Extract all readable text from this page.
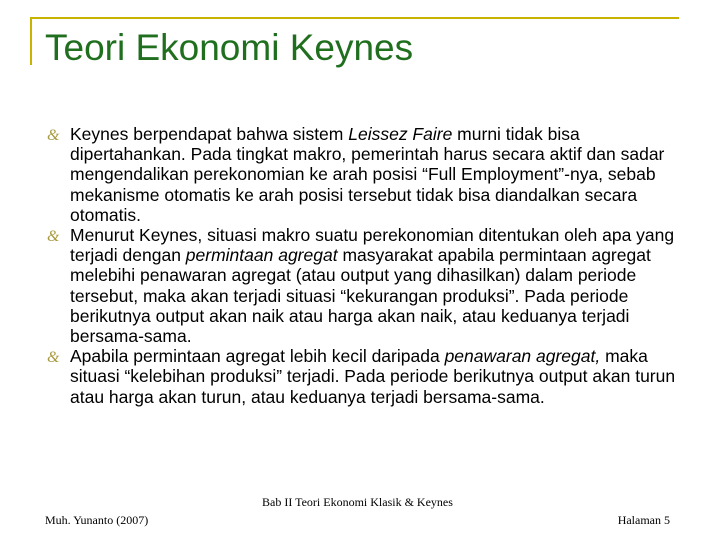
Teori Ekonomi Keynes
& Keynes berpendapat bahwa sistem Leissez Faire murni tidak bisa dipertahankan. Pada tingkat makro, pemerintah harus secara aktif dan sadar mengendalikan perekonomian ke arah posisi “Full Employment”-nya, sebab mekanisme otomatis ke arah posisi tersebut tidak bisa diandalkan secara otomatis.
& Menurut Keynes, situasi makro suatu perekonomian ditentukan oleh apa yang terjadi dengan permintaan agregat masyarakat apabila permintaan agregat melebihi penawaran agregat (atau output yang dihasilkan) dalam periode tersebut, maka akan terjadi situasi “kekurangan produksi”. Pada periode berikutnya output akan naik atau harga akan naik, atau keduanya terjadi bersama-sama.
& Apabila permintaan agregat lebih kecil daripada penawaran agregat, maka situasi “kelebihan produksi” terjadi. Pada periode berikutnya output akan turun atau harga akan turun, atau keduanya terjadi bersama-sama.
Muh. Yunanto (2007)
Bab II Teori Ekonomi Klasik & Keynes
Halaman 5
